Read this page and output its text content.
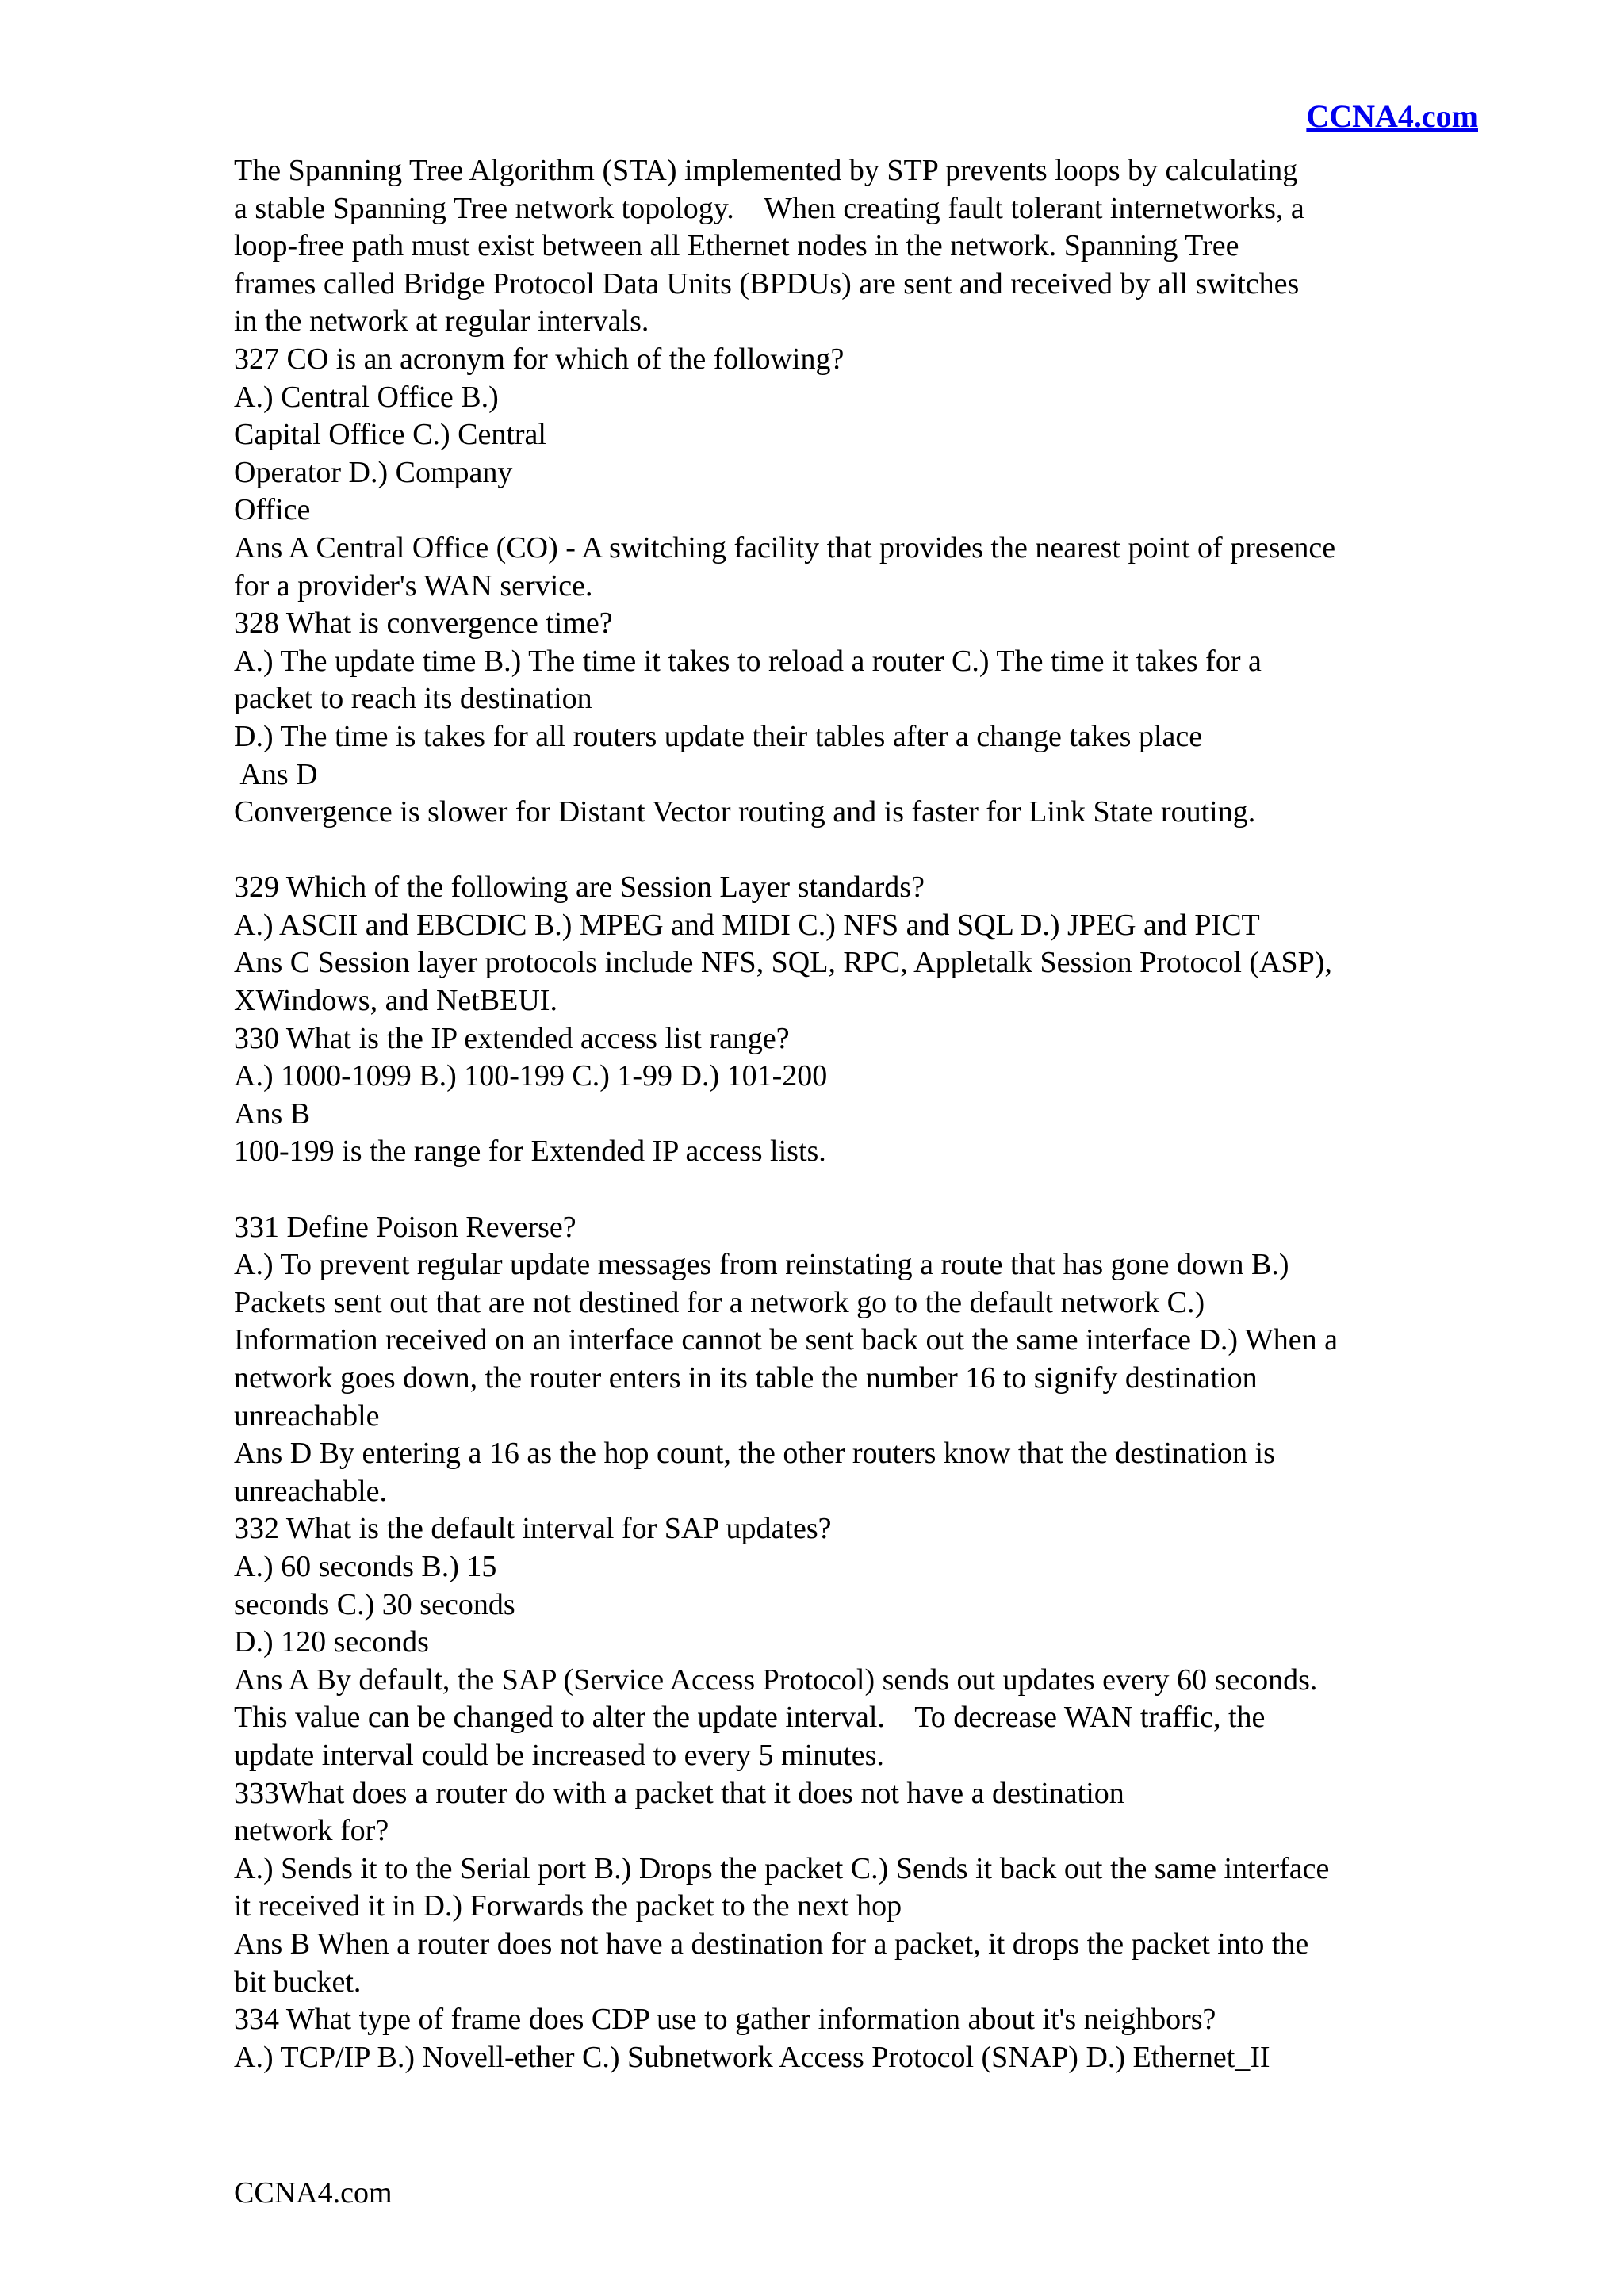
CCNA4.com
The Spanning Tree Algorithm (STA) implemented by STP prevents loops by calculating
a stable Spanning Tree network topology.    When creating fault tolerant internetworks, a
loop-free path must exist between all Ethernet nodes in the network. Spanning Tree
frames called Bridge Protocol Data Units (BPDUs) are sent and received by all switches
in the network at regular intervals.
327 CO is an acronym for which of the following?
A.) Central Office B.)
Capital Office C.) Central
Operator D.) Company
Office
Ans A Central Office (CO) - A switching facility that provides the nearest point of presence
for a provider's WAN service.
328 What is convergence time?
A.) The update time B.) The time it takes to reload a router C.) The time it takes for a
packet to reach its destination
D.) The time is takes for all routers update their tables after a change takes place
Ans D
Convergence is slower for Distant Vector routing and is faster for Link State routing.
329 Which of the following are Session Layer standards?
A.) ASCII and EBCDIC B.) MPEG and MIDI C.) NFS and SQL D.) JPEG and PICT
Ans C Session layer protocols include NFS, SQL, RPC, Appletalk Session Protocol (ASP),
XWindows, and NetBEUI.
330 What is the IP extended access list range?
A.) 1000-1099 B.) 100-199 C.) 1-99 D.) 101-200
Ans B
100-199 is the range for Extended IP access lists.
331 Define Poison Reverse?
A.) To prevent regular update messages from reinstating a route that has gone down B.)
Packets sent out that are not destined for a network go to the default network C.)
Information received on an interface cannot be sent back out the same interface D.) When a
network goes down, the router enters in its table the number 16 to signify destination
unreachable
Ans D By entering a 16 as the hop count, the other routers know that the destination is
unreachable.
332 What is the default interval for SAP updates?
A.) 60 seconds B.) 15
seconds C.) 30 seconds
D.) 120 seconds
Ans A By default, the SAP (Service Access Protocol) sends out updates every 60 seconds.
This value can be changed to alter the update interval.    To decrease WAN traffic, the
update interval could be increased to every 5 minutes.
333What does a router do with a packet that it does not have a destination
network for?
A.) Sends it to the Serial port B.) Drops the packet C.) Sends it back out the same interface
it received it in D.) Forwards the packet to the next hop
Ans B When a router does not have a destination for a packet, it drops the packet into the
bit bucket.
334 What type of frame does CDP use to gather information about it's neighbors?
A.) TCP/IP B.) Novell-ether C.) Subnetwork Access Protocol (SNAP) D.) Ethernet_II
CCNA4.com
